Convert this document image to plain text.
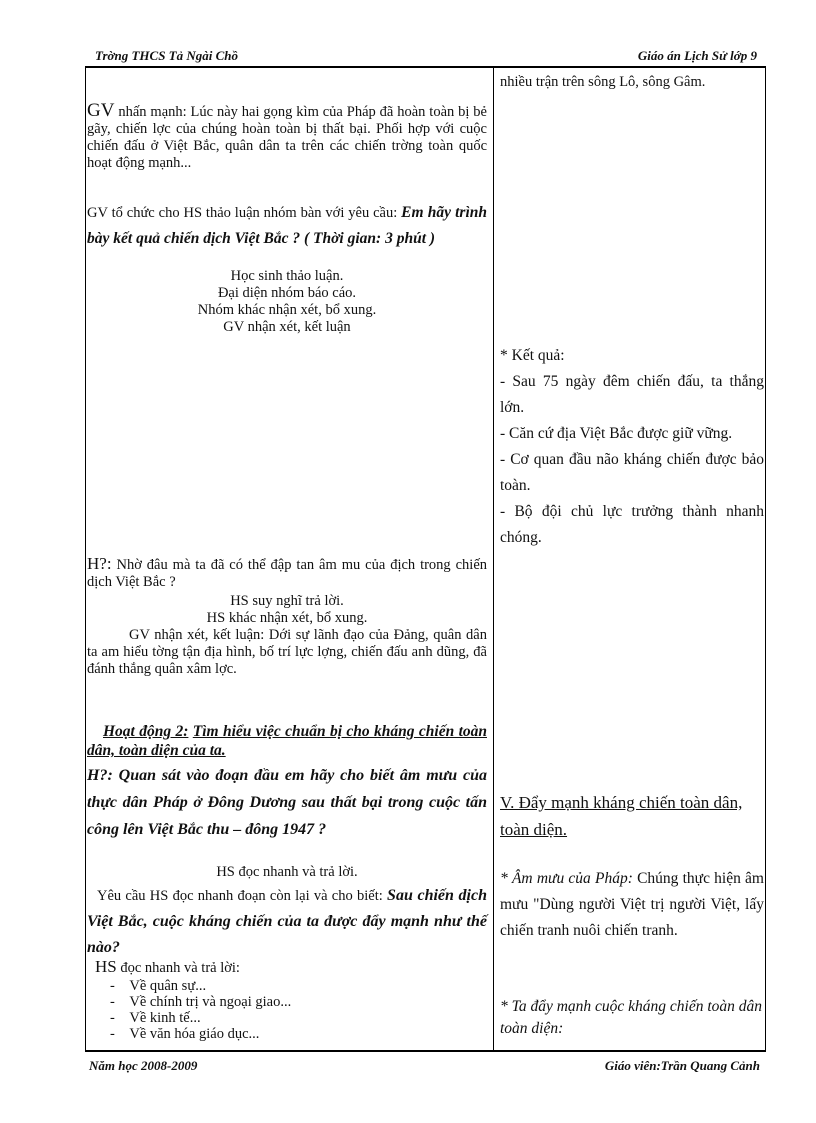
Trờng THCS Tả Ngài Chồ	Giáo án Lịch Sử lớp 9
Năm học 2008-2009	Giáo viên:Trần Quang Cảnh
GV nhấn mạnh: Lúc này hai gọng kìm của Pháp đã hoàn toàn bị bẻ gãy, chiến lợc của chúng hoàn toàn bị thất bại. Phối hợp với cuộc chiến đấu ở Việt Bắc, quân dân ta trên các chiến trờng toàn quốc hoạt động mạnh...
GV tổ chức cho HS thảo luận nhóm bàn với yêu cầu: Em hãy trình bày kết quả chiến dịch Việt Bắc ? ( Thời gian: 3 phút )
Học sinh thảo luận.
Đại diện nhóm báo cáo.
Nhóm khác nhận xét, bổ xung.
GV nhận xét, kết luận
H?: Nhờ đâu mà ta đã có thể đập tan âm mu của địch trong chiến dịch Việt Bắc ?
HS suy nghĩ trả lời.
HS khác nhận xét, bổ xung.
GV nhận xét, kết luận: Dới sự lãnh đạo của Đảng, quân dân ta am hiểu tờng tận địa hình, bố trí lực lợng, chiến đấu anh dũng, đã đánh thắng quân xâm lợc.
Hoạt động 2: Tìm hiểu việc chuẩn bị cho kháng chiến toàn dân, toàn diện của ta.
H?: Quan sát vào đoạn đầu em hãy cho biết âm mưu của thực dân Pháp ở Đông Dương sau thất bại trong cuộc tấn công lên Việt Bắc thu – đông 1947 ?
HS đọc nhanh và trả lời.
Yêu cầu HS đọc nhanh đoạn còn lại và cho biết: Sau chiến dịch Việt Bắc, cuộc kháng chiến của ta được đẩy mạnh như thế nào?
HS đọc nhanh và trả lời:
-    Về quân sự...
-    Về chính trị và ngoại giao...
-    Về kinh tế...
-    Về văn hóa giáo dục...
nhiều trận trên sông Lô, sông Gâm.

* Kết quả:

- Sau 75 ngày đêm chiến đấu, ta thắng lớn.

- Căn cứ địa Việt Bắc được giữ vững.

- Cơ quan đầu não kháng chiến được bảo toàn.

- Bộ đội chủ lực trưởng thành nhanh chóng.

V. Đẩy mạnh kháng chiến toàn dân, toàn diện.
* Âm mưu của Pháp: Chúng thực hiện âm mưu "Dùng người Việt trị người Việt, lấy chiến tranh nuôi chiến tranh.
* Ta đẩy mạnh cuộc kháng chiến toàn dân toàn diện:
